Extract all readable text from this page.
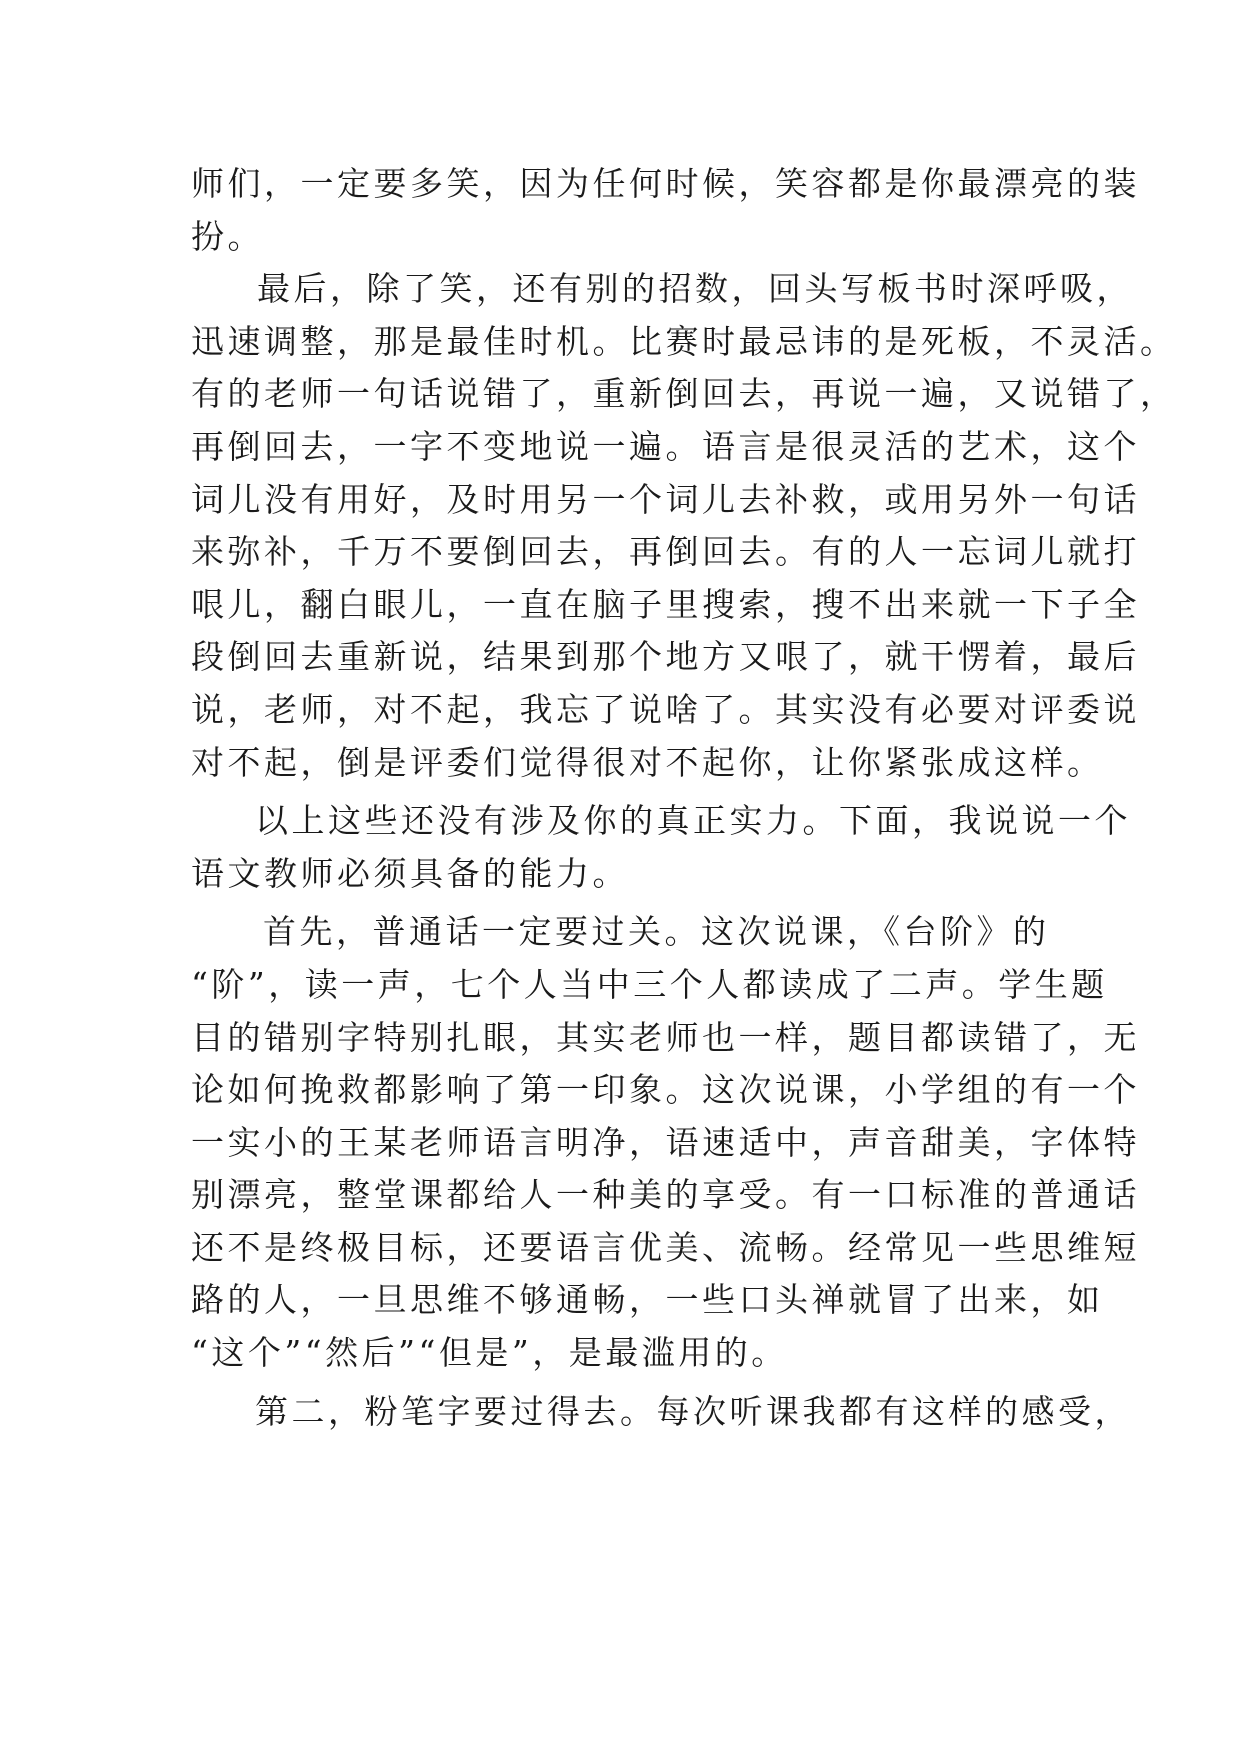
师们，一定要多笑，因为任何时候，笑容都是你最漂亮的装
扮。
最后，除了笑，还有别的招数，回头写板书时深呼吸，
迅速调整，那是最佳时机。比赛时最忌讳的是死板，不灵活。
有的老师一句话说错了，重新倒回去，再说一遍，又说错了，
再倒回去，一字不变地说一遍。语言是很灵活的艺术，这个
词儿没有用好，及时用另一个词儿去补救，或用另外一句话
来弥补，千万不要倒回去，再倒回去。有的人一忘词儿就打
哏儿，翻白眼儿，一直在脑子里搜索，搜不出来就一下子全
段倒回去重新说，结果到那个地方又哏了，就干愣着，最后
说，老师，对不起，我忘了说啥了。其实没有必要对评委说
对不起，倒是评委们觉得很对不起你，让你紧张成这样。
以上这些还没有涉及你的真正实力。下面，我说说一个
语文教师必须具备的能力。
首先，普通话一定要过关。这次说课，《台阶》的
“阶”，读一声，七个人当中三个人都读成了二声。学生题
目的错别字特别扎眼，其实老师也一样，题目都读错了，无
论如何挽救都影响了第一印象。这次说课，小学组的有一个
一实小的王某老师语言明净，语速适中，声音甜美，字体特
别漂亮，整堂课都给人一种美的享受。有一口标准的普通话
还不是终极目标，还要语言优美、流畅。经常见一些思维短
路的人，一旦思维不够通畅，一些口头禅就冒了出来，如
“这个”“然后”“但是”，是最滥用的。
第二，粉笔字要过得去。每次听课我都有这样的感受，
